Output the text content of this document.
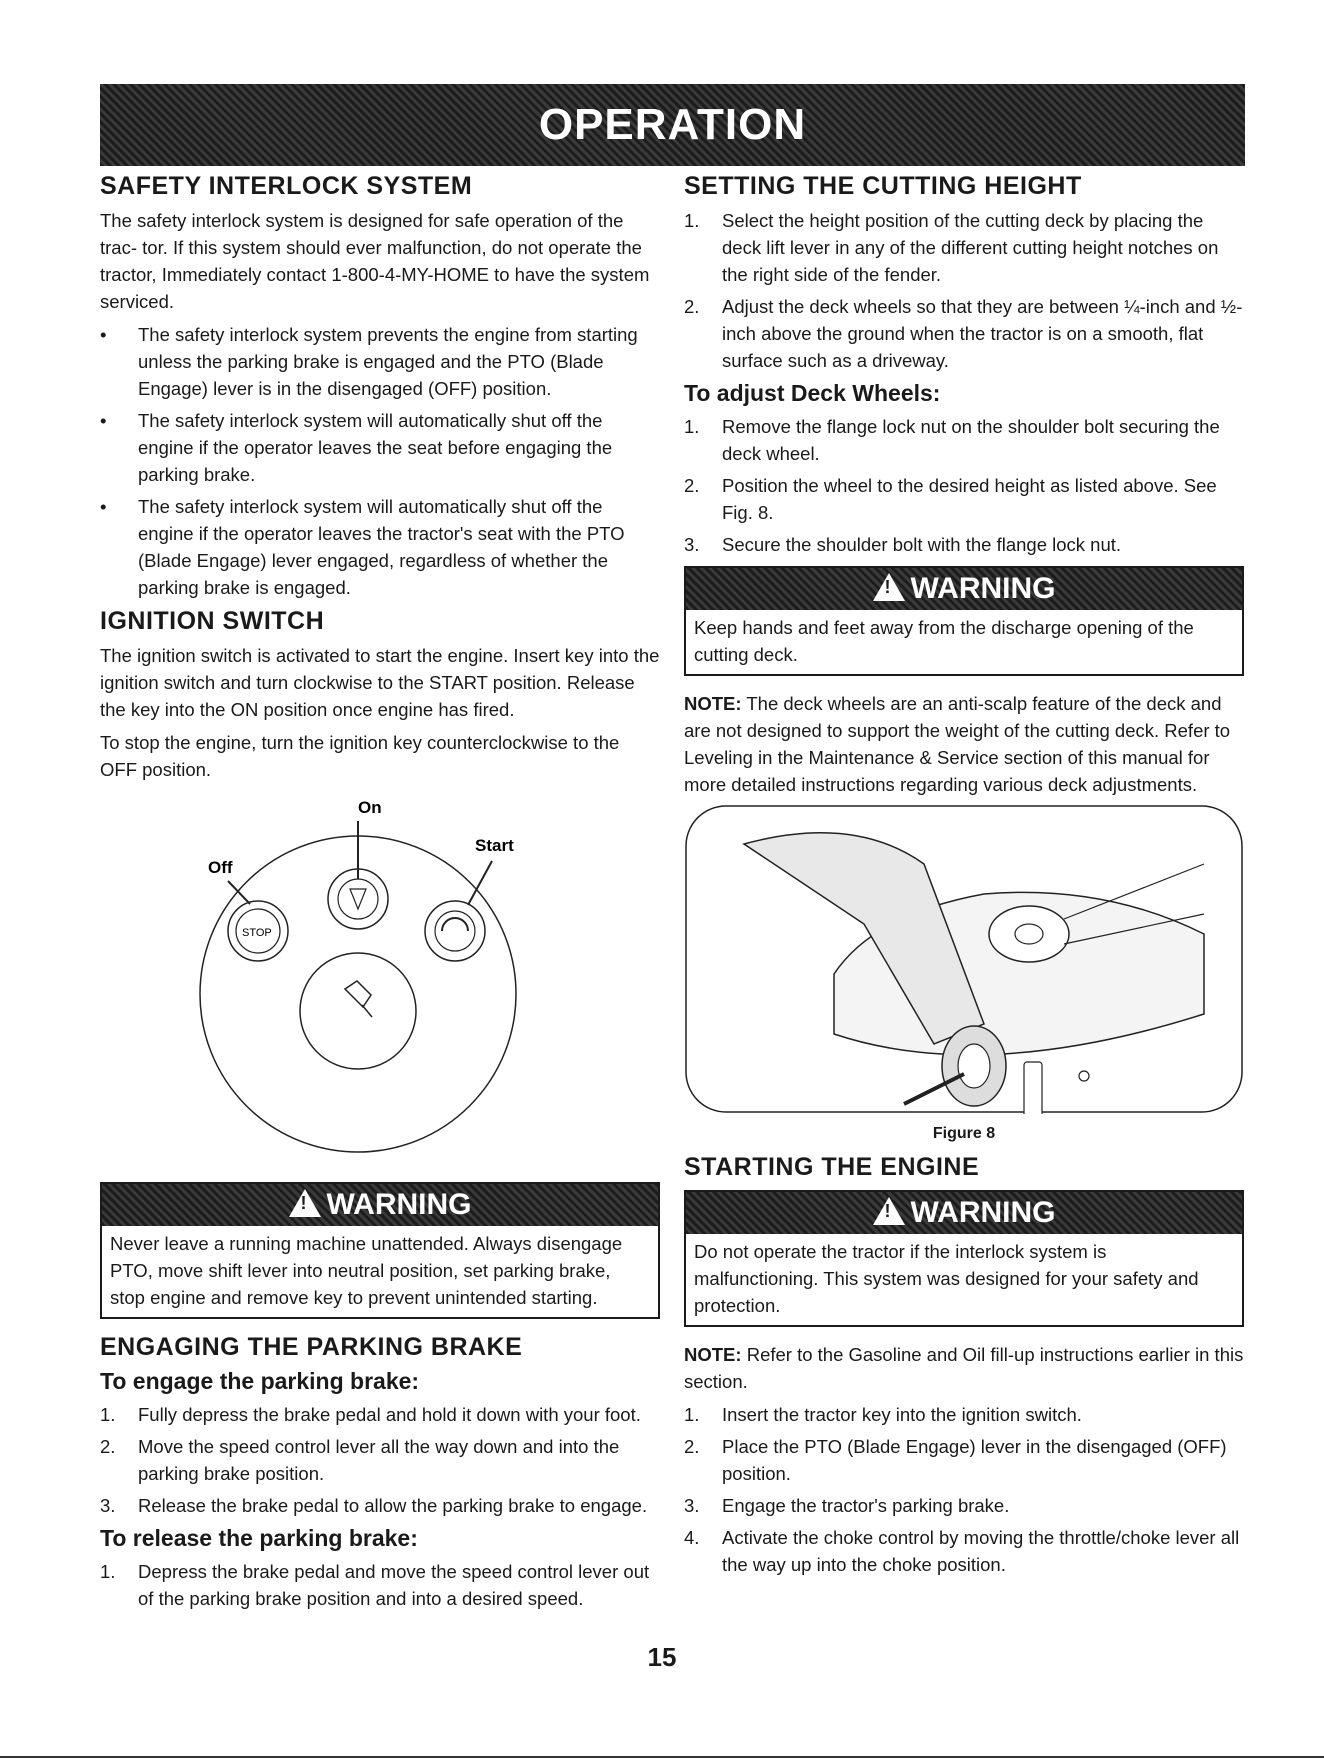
OPERATION
SAFETY INTERLOCK SYSTEM

The safety interlock system is designed for safe operation of the trac- tor. If this system should ever malfunction, do not operate the tractor, Immediately contact 1-800-4-MY-HOME to have the system serviced.

•	The safety interlock system prevents the engine from starting unless the parking brake is engaged and the PTO (Blade Engage) lever is in the disengaged (OFF) position.
•	The safety interlock system will automatically shut off the engine if the operator leaves the seat before engaging the parking brake.
•	The safety interlock system will automatically shut off the engine if the operator leaves the tractor's seat with the PTO (Blade Engage) lever engaged, regardless of whether the parking brake is engaged.
IGNITION SWITCH

The ignition switch is activated to start the engine. Insert key into the ignition switch and turn clockwise to the START position. Release the key into the ON position once engine has fired.

To stop the engine, turn the ignition key counterclockwise to the OFF position.

On
Start
Off
STOP
!
WARNING
Never leave a running machine unattended. Always disengage PTO, move shift lever into neutral position, set parking brake, stop engine and remove key to prevent unintended starting.
ENGAGING THE PARKING BRAKE
To engage the parking brake:
1.	Fully depress the brake pedal and hold it down with your foot.
2.	Move the speed control lever all the way down and into the parking brake position.
3.	Release the brake pedal to allow the parking brake to engage.
To release the parking brake:
1.	Depress the brake pedal and move the speed control lever out of the parking brake position and into a desired speed.
SETTING THE CUTTING HEIGHT
1.	Select the height position of the cutting deck by placing the deck lift lever in any of the different cutting height notches on the right side of the fender.
2.	Adjust the deck wheels so that they are between ¼-inch and ½-inch above the ground when the tractor is on a smooth, flat surface such as a driveway.
To adjust Deck Wheels:
1.	Remove the flange lock nut on the shoulder bolt securing the deck wheel.
2.	Position the wheel to the desired height as listed above. See Fig. 8.
3.	Secure the shoulder bolt with the flange lock nut.
!
WARNING
Keep hands and feet away from the discharge opening of the cutting deck.

NOTE: The deck wheels are an anti-scalp feature of the deck and are not designed to support the weight of the cutting deck. Refer to Leveling in the Maintenance & Service section of this manual for more detailed instructions regarding various deck adjustments.

Figure 8
STARTING THE ENGINE
!
WARNING
Do not operate the tractor if the interlock system is malfunctioning. This system was designed for your safety and protection.

NOTE: Refer to the Gasoline and Oil fill-up instructions earlier in this section.

1.	Insert the tractor key into the ignition switch.
2.	Place the PTO (Blade Engage) lever in the disengaged (OFF) position.
3.	Engage the tractor's parking brake.
4.	Activate the choke control by moving the throttle/choke lever all the way up into the choke position.
15
